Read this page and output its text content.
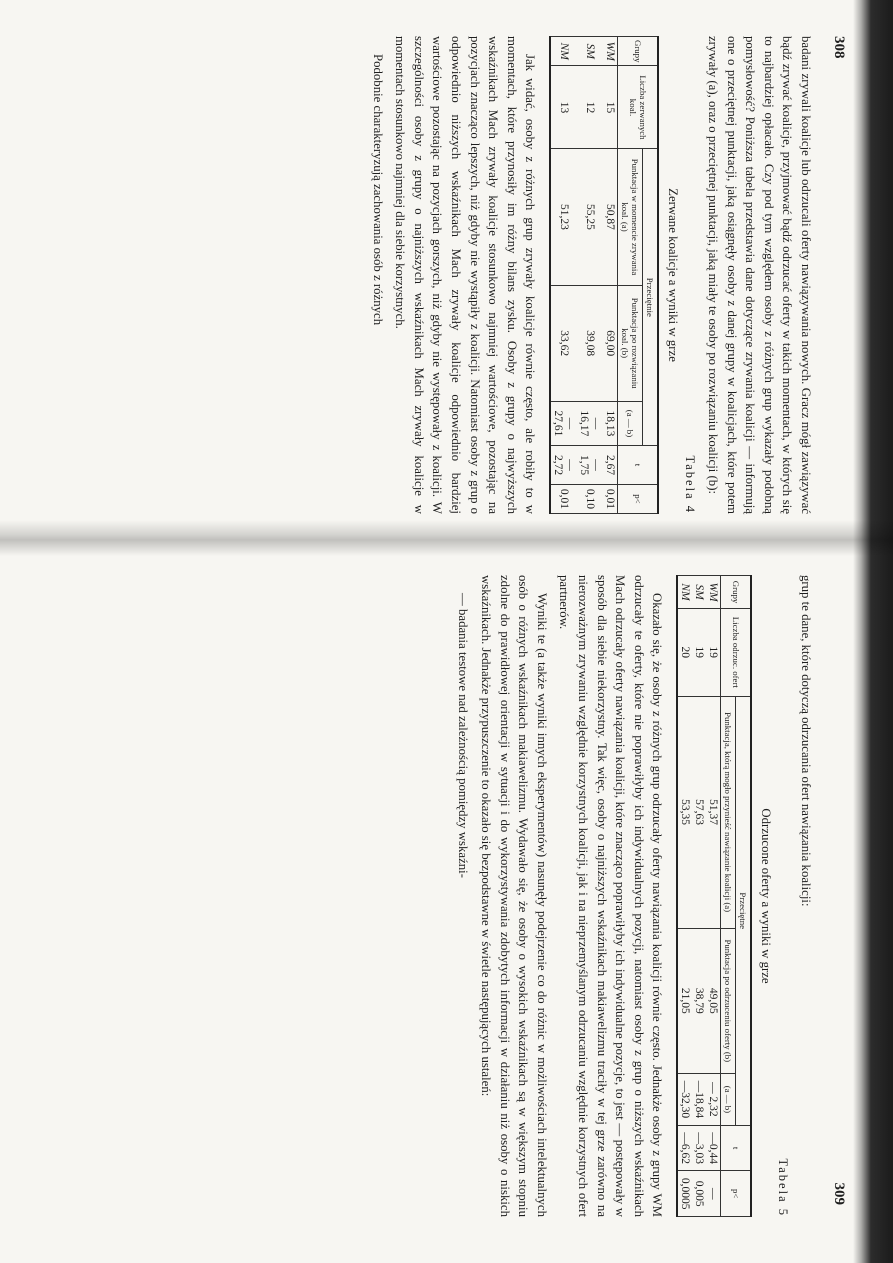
308

badani zrywali koalicje lub odrzucali oferty nawiązywania nowych. Gracz mógł zawiązywać bądź zrywać koalicje, przyjmować bądź odrzucać oferty w takich momentach, w których się to najbardziej opłacało. Czy pod tym względem osoby z różnych grup wykazały podobną pomysłowość? Poniższa tabela przedstawia dane dotyczące zrywania koalicji — informują one o przeciętnej punktacji, jaką osiągnęły osoby z danej grupy w koalicjach, które potem zrywały (a), oraz o przeciętnej punktacji, jaką miały te osoby po rozwiązaniu koalicji (b):

Tabela 4
Zerwane koalicje a wyniki w grze
Grupy	Liczba zerwanych koal.	Przeciętnie			t	p<
		Punktacja w momencie zrywania koal. (a)	Punktacja po rozwiązaniu koal. (b)	(a — b)		
WM	15	50,87	69,00	18,13	2,67	0,01
SM	12	55,25	39,08	—16,17	—1,75	0,10
NM	13	51,23	33,62	—27,61	—2,72	0,01

Jak widać, osoby z różnych grup zrywały koalicje równie często, ale robiły to w momentach, które przynosiły im różny bilans zysku. Osoby z grupy o najwyższych wskaźnikach Mach zrywały koalicje stosunkowo najmniej wartościowe, pozostając na pozycjach znacząco lepszych, niż gdyby nie wystąpiły z koalicji. Natomiast osoby z grup o odpowiednio niższych wskaźnikach Mach zrywały koalicje odpowiednio bardziej wartościowe pozostając na pozycjach gorszych, niż gdyby nie występowały z koalicji. W szczególności osoby z grupy o najniższych wskaźnikach Mach zrywały koalicje w momentach stosunkowo najmniej dla siebie korzystnych.

Podobnie charakteryzują zachowania osób z różnych

309

grup te dane, które dotyczą odrzucania ofert nawiązania koalicji:

Tabela 5
Odrzucone oferty a wyniki w grze
Grupy	Liczba odrzuc. ofert	Przeciętne			t	p<
		Punktacja, którą mogło przynieść nawiązanie koalicji (a)	Punktacja po odrzuceniu oferty (b)	(a — b)		
WM	19	51,37	49,05	— 2,32	—0,44	—
SM	19	57,63	38,79	—18,84	—3,03	0,005
NM	20	53,35	21,05	—32,30	—6,62	0,0005

Okazało się, że osoby z różnych grup odrzucały oferty nawiązania koalicji równie często. Jednakże osoby z grupy WM odrzucały te oferty, które nie poprawiłyby ich indywidualnych pozycji, natomiast osoby z grup o niższych wskaźnikach Mach odrzucały oferty nawiązania koalicji, które znacząco poprawiłyby ich indywidualne pozycje, to jest — postępowały w sposób dla siebie niekorzystny. Tak więc, osoby o najniższych wskaźnikach makiawelizmu traciły w tej grze zarówno na nierozważnym zrywaniu względnie korzystnych koalicji, jak i na nieprzemyślanym odrzucaniu względnie korzystnych ofert partnerów.

Wyniki te (a także wyniki innych eksperymentów) nasunęły podejrzenie co do różnic w możliwościach intelektualnych osób o różnych wskaźnikach makiawelizmu. Wydawało się, że osoby o wysokich wskaźnikach są w większym stopniu zdolne do prawidłowej orientacji w sytuacji i do wykorzystywania zdobytych informacji w działaniu niż osoby o niskich wskaźnikach. Jednakże przypuszczenie to okazało się bezpodstawne w świetle następujących ustaleń:

— badania testowe nad zależnością pomiędzy wskaźni-
